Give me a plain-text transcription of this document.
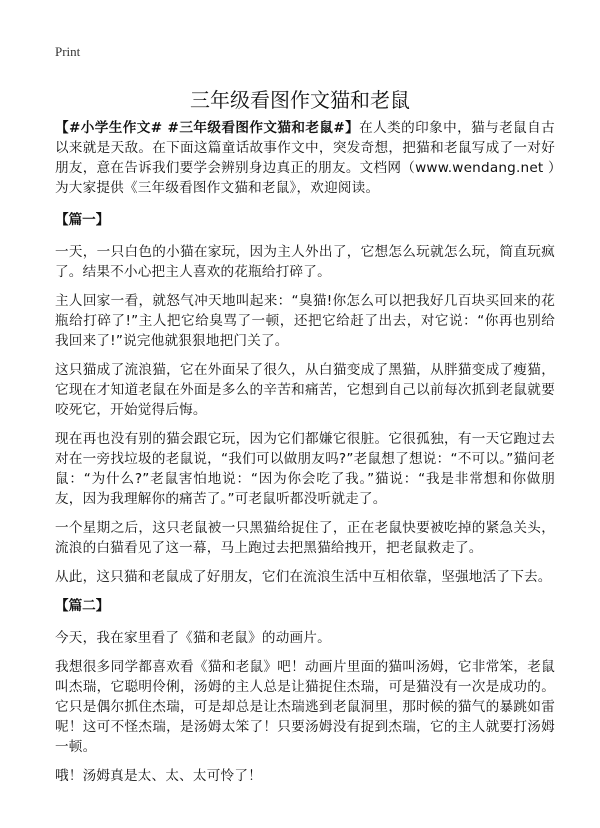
Print
三年级看图作文猫和老鼠

【#小学生作文# #三年级看图作文猫和老鼠#】在人类的印象中，猫与老鼠自古以来就是天敌。在下面这篇童话故事作文中，突发奇想，把猫和老鼠写成了一对好朋友，意在告诉我们要学会辨别身边真正的朋友。文档网（www.wendang.net ）为大家提供《三年级看图作文猫和老鼠》，欢迎阅读。

【篇一】

一天，一只白色的小猫在家玩，因为主人外出了，它想怎么玩就怎么玩，简直玩疯了。结果不小心把主人喜欢的花瓶给打碎了。

主人回家一看，就怒气冲天地叫起来：“臭猫!你怎么可以把我好几百块买回来的花瓶给打碎了!”主人把它给臭骂了一顿，还把它给赶了出去，对它说：“你再也别给我回来了!”说完他就狠狠地把门关了。

这只猫成了流浪猫，它在外面呆了很久，从白猫变成了黑猫，从胖猫变成了瘦猫，它现在才知道老鼠在外面是多么的辛苦和痛苦，它想到自己以前每次抓到老鼠就要咬死它，开始觉得后悔。

现在再也没有别的猫会跟它玩，因为它们都嫌它很脏。它很孤独，有一天它跑过去对在一旁找垃圾的老鼠说，“我们可以做朋友吗?”老鼠想了想说：“不可以。”猫问老鼠：“为什么?”老鼠害怕地说：“因为你会吃了我。”猫说：“我是非常想和你做朋友，因为我理解你的痛苦了。”可老鼠听都没听就走了。

一个星期之后，这只老鼠被一只黑猫给捉住了，正在老鼠快要被吃掉的紧急关头，流浪的白猫看见了这一幕，马上跑过去把黑猫给拽开，把老鼠救走了。

从此，这只猫和老鼠成了好朋友，它们在流浪生活中互相依靠，坚强地活了下去。

【篇二】

今天，我在家里看了《猫和老鼠》的动画片。

我想很多同学都喜欢看《猫和老鼠》吧！动画片里面的猫叫汤姆，它非常笨，老鼠叫杰瑞，它聪明伶俐，汤姆的主人总是让猫捉住杰瑞，可是猫没有一次是成功的。它只是偶尔抓住杰瑞，可是却总是让杰瑞逃到老鼠洞里，那时候的猫气的暴跳如雷呢！这可不怪杰瑞，是汤姆太笨了！只要汤姆没有捉到杰瑞，它的主人就要打汤姆一顿。

哦！汤姆真是太、太、太可怜了！
